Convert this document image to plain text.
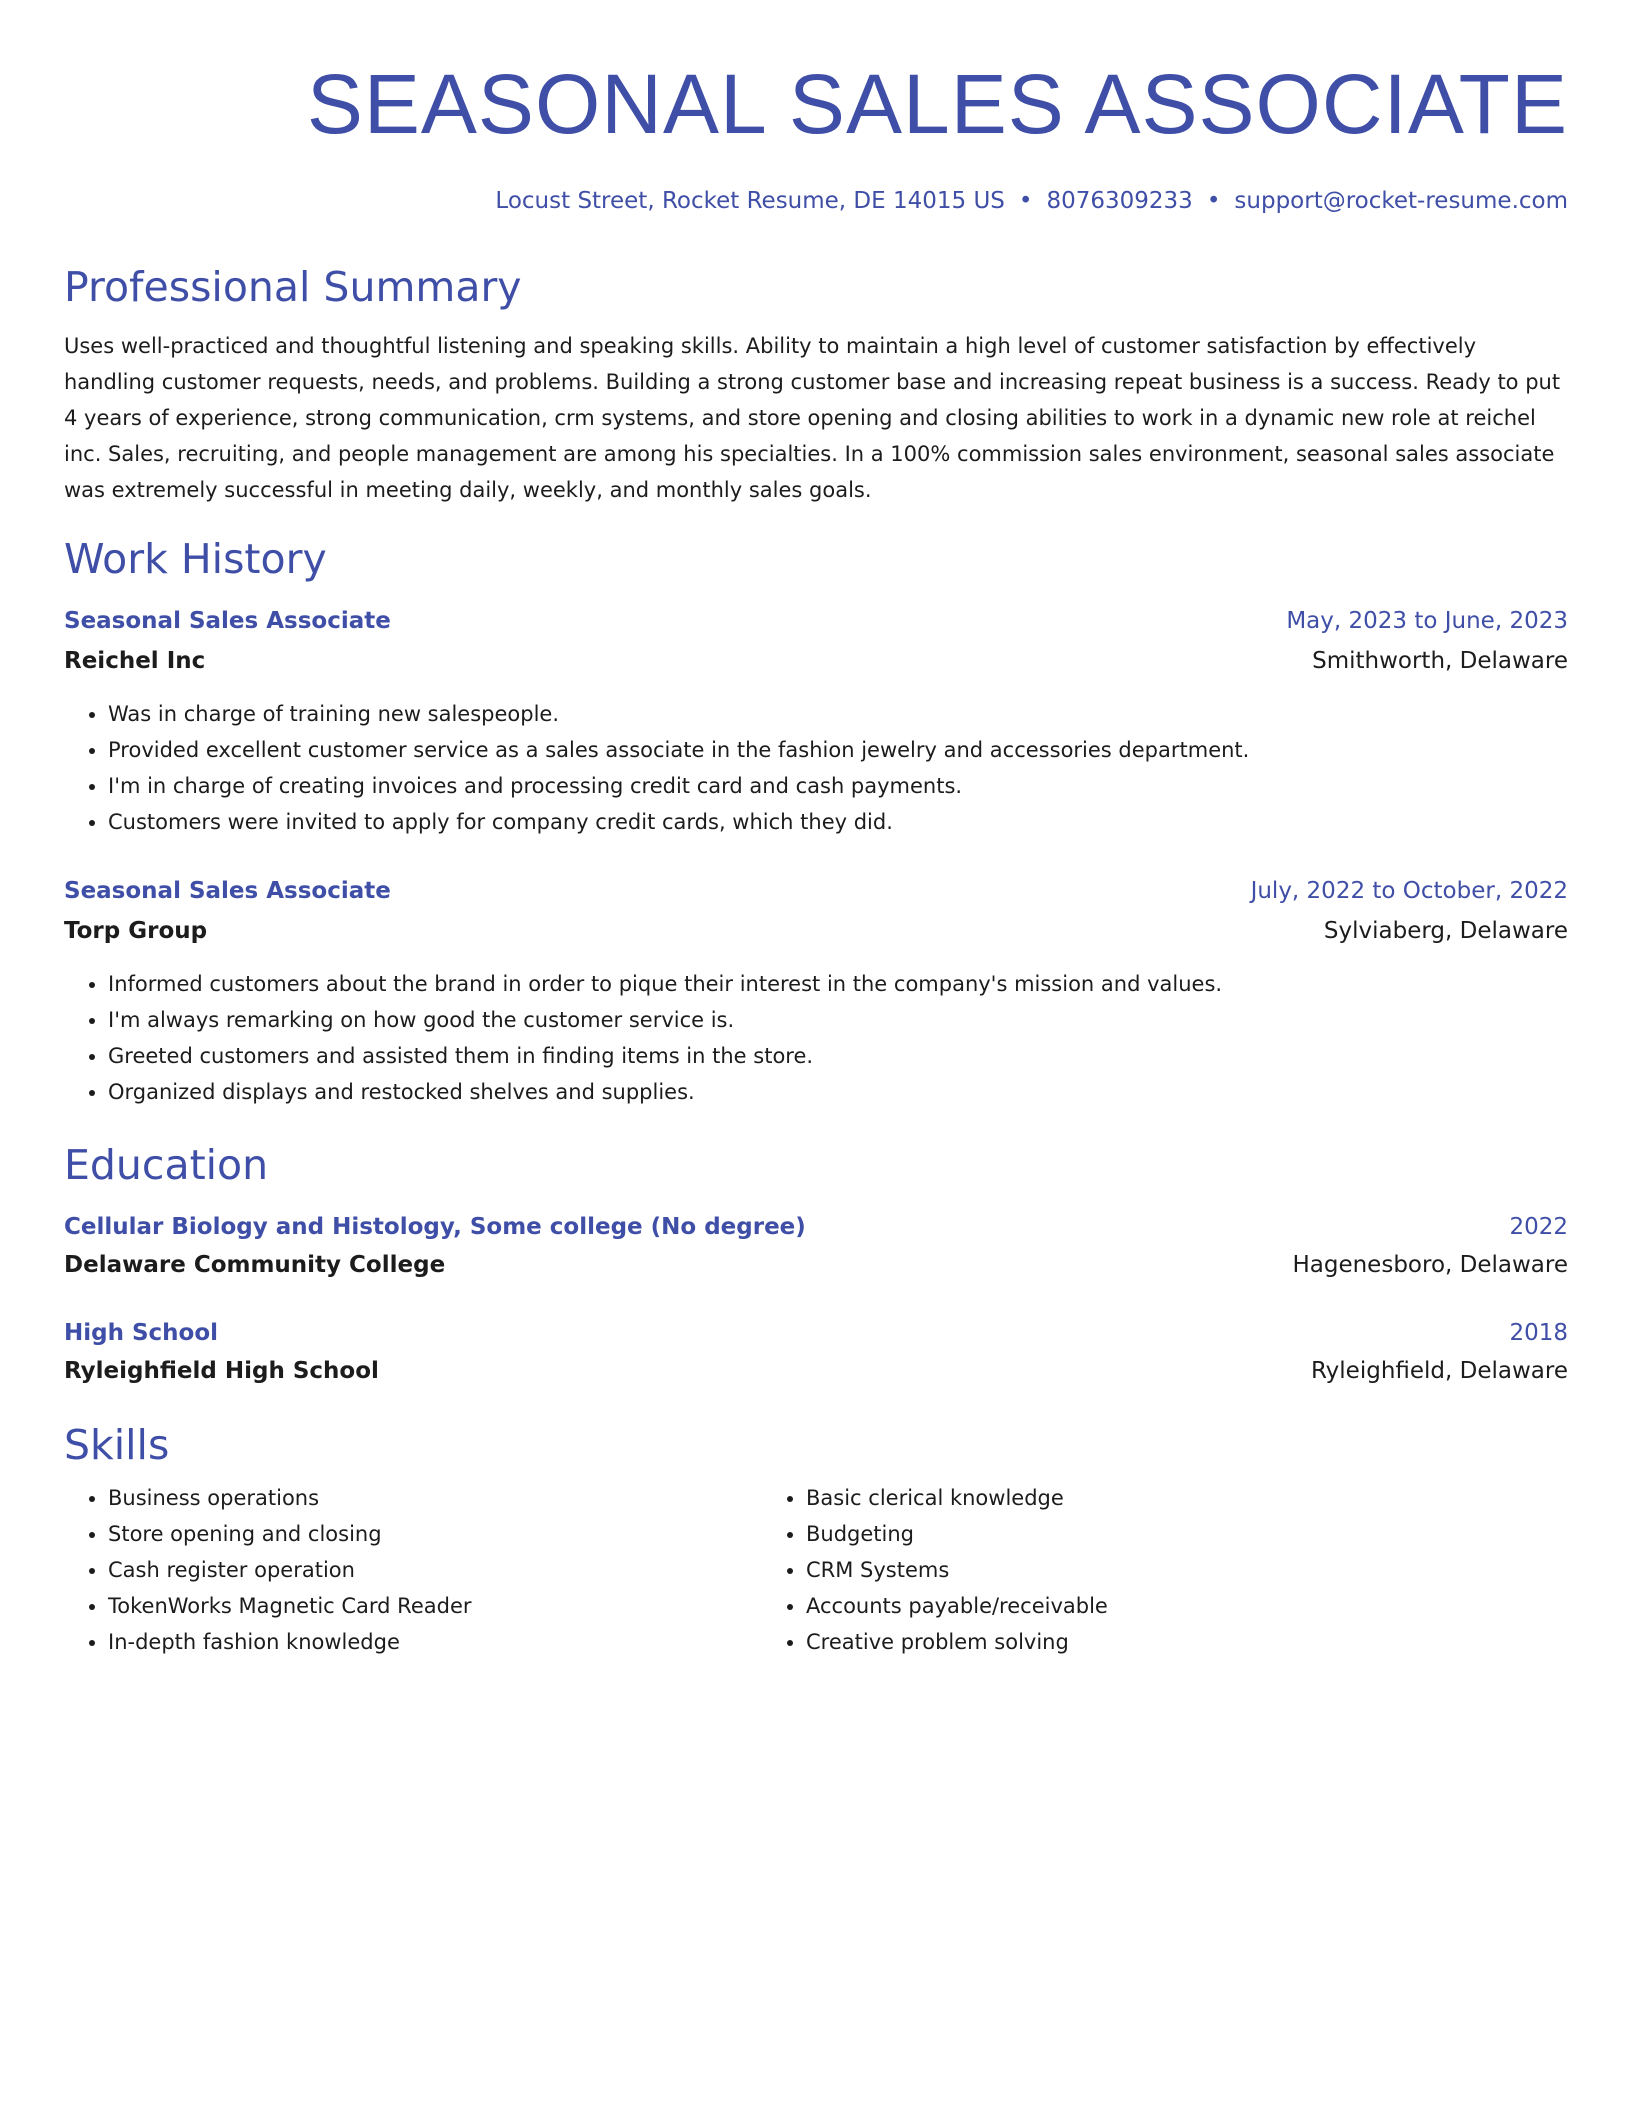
SEASONAL SALES ASSOCIATE
Locust Street, Rocket Resume, DE 14015 US • 8076309233 • support@rocket-resume.com
Professional Summary
Uses well-practiced and thoughtful listening and speaking skills. Ability to maintain a high level of customer satisfaction by effectively handling customer requests, needs, and problems. Building a strong customer base and increasing repeat business is a success. Ready to put 4 years of experience, strong communication, crm systems, and store opening and closing abilities to work in a dynamic new role at reichel inc. Sales, recruiting, and people management are among his specialties. In a 100% commission sales environment, seasonal sales associate was extremely successful in meeting daily, weekly, and monthly sales goals.
Work History
Seasonal Sales Associate	May, 2023 to June, 2023
Reichel Inc	Smithworth, Delaware
• Was in charge of training new salespeople.
• Provided excellent customer service as a sales associate in the fashion jewelry and accessories department.
• I'm in charge of creating invoices and processing credit card and cash payments.
• Customers were invited to apply for company credit cards, which they did.
Seasonal Sales Associate	July, 2022 to October, 2022
Torp Group	Sylviaberg, Delaware
• Informed customers about the brand in order to pique their interest in the company's mission and values.
• I'm always remarking on how good the customer service is.
• Greeted customers and assisted them in finding items in the store.
• Organized displays and restocked shelves and supplies.
Education
Cellular Biology and Histology, Some college (No degree)	2022
Delaware Community College	Hagenesboro, Delaware
High School	2018
Ryleighfield High School	Ryleighfield, Delaware
Skills
• Business operations
• Store opening and closing
• Cash register operation
• TokenWorks Magnetic Card Reader
• In-depth fashion knowledge
• Basic clerical knowledge
• Budgeting
• CRM Systems
• Accounts payable/receivable
• Creative problem solving
